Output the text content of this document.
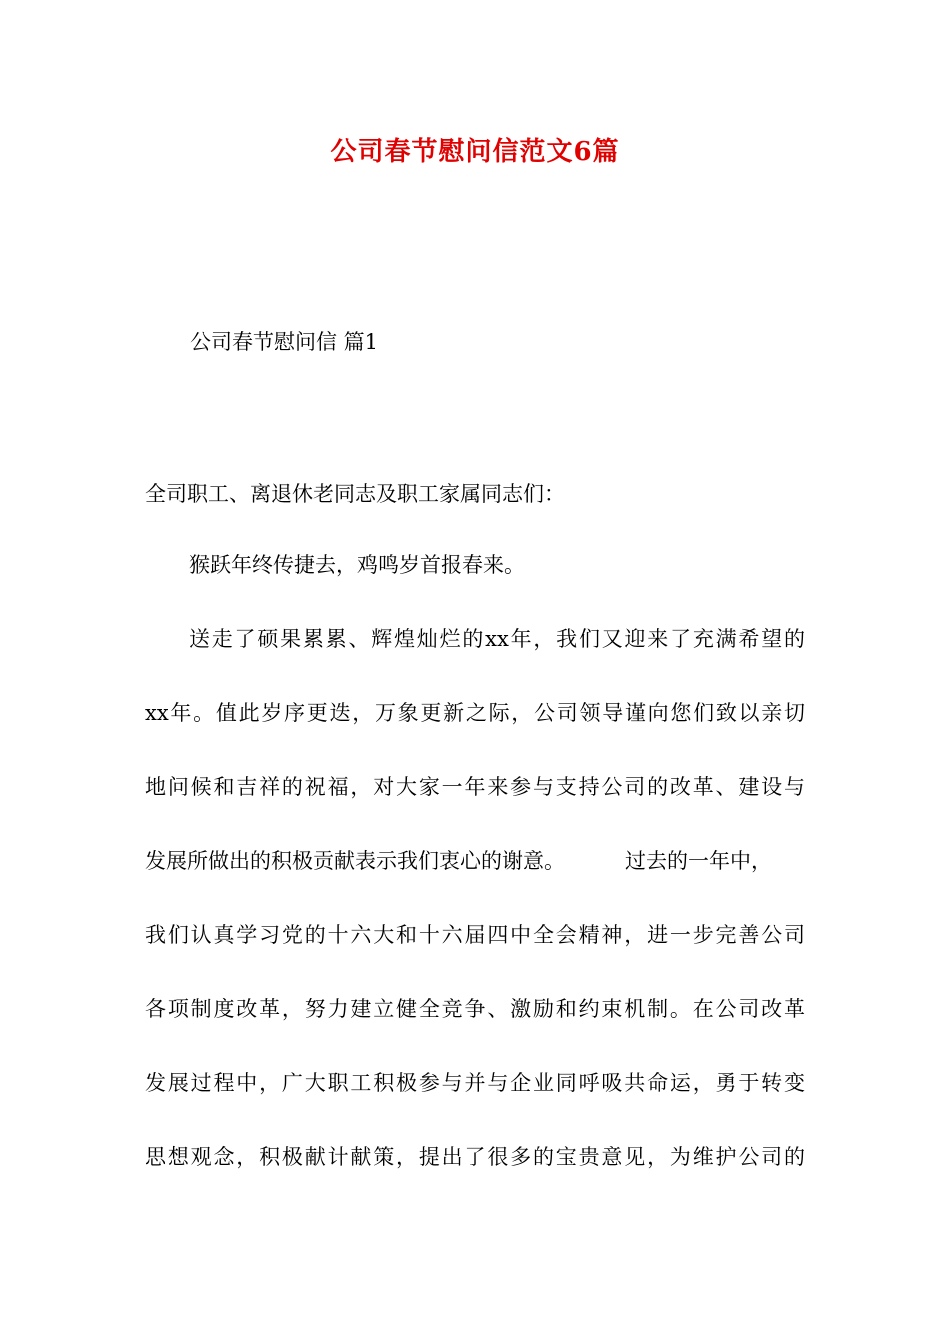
公司春节慰问信范文6篇
公司春节慰问信 篇1
全司职工、离退休老同志及职工家属同志们：
猴跃年终传捷去，鸡鸣岁首报春来。
送走了硕果累累、辉煌灿烂的xx年，我们又迎来了充满希望的
xx年。值此岁序更迭，万象更新之际，公司领导谨向您们致以亲切
地问候和吉祥的祝福，对大家一年来参与支持公司的改革、建设与
发展所做出的积极贡献表示我们衷心的谢意。	过去的一年中，
我们认真学习党的十六大和十六届四中全会精神，进一步完善公司
各项制度改革，努力建立健全竞争、激励和约束机制。在公司改革
发展过程中，广大职工积极参与并与企业同呼吸共命运，勇于转变
思想观念，积极献计献策，提出了很多的宝贵意见，为维护公司的
